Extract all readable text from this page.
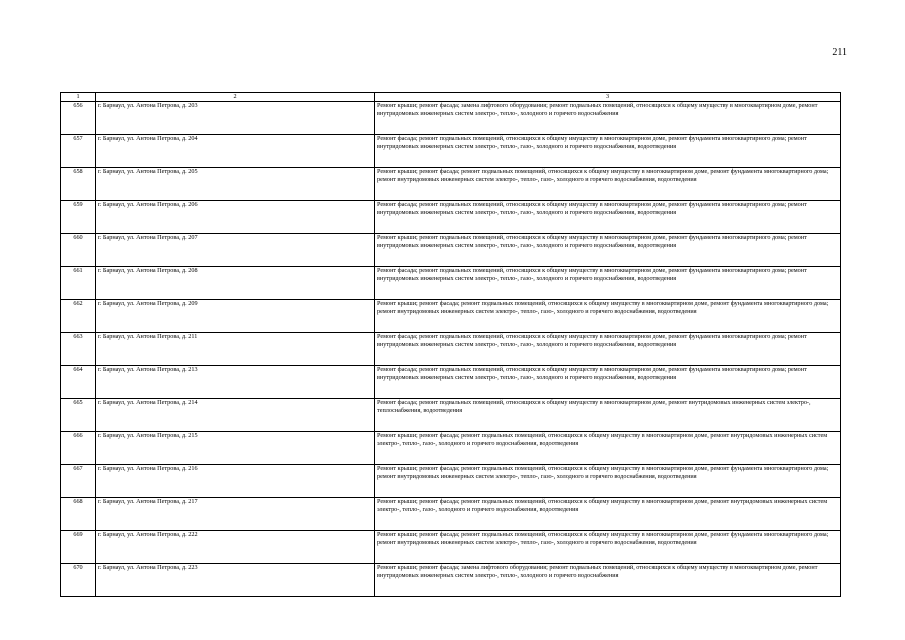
211
1	2	3
656	г. Барнаул, ул. Антона Петрова, д. 203	Ремонт крыши; ремонт фасада; замена лифтового оборудования; ремонт подвальных помещений, относящихся к общему имуществу в многоквартирном доме, ремонт внутридомовых инженерных систем электро-, тепло-, холодного и горячего водоснабжения
657	г. Барнаул, ул. Антона Петрова, д. 204	Ремонт фасада; ремонт подвальных помещений, относящихся к общему имуществу в многоквартирном доме, ремонт фундамента многоквартирного дома; ремонт внутридомовых инженерных систем электро-, тепло-, газо-, холодного и горячего водоснабжения, водоотведения
658	г. Барнаул, ул. Антона Петрова, д. 205	Ремонт крыши; ремонт фасада; ремонт подвальных помещений, относящихся к общему имуществу в многоквартирном доме, ремонт фундамента многоквартирного дома; ремонт внутридомовых инженерных систем электро-, тепло-, газо-, холодного и горячего водоснабжения, водоотведения
659	г. Барнаул, ул. Антона Петрова, д. 206	Ремонт фасада; ремонт подвальных помещений, относящихся к общему имуществу в многоквартирном доме, ремонт фундамента многоквартирного дома; ремонт внутридомовых инженерных систем электро-, тепло-, газо-, холодного и горячего водоснабжения, водоотведения
660	г. Барнаул, ул. Антона Петрова, д. 207	Ремонт крыши; ремонт подвальных помещений, относящихся к общему имуществу в многоквартирном доме, ремонт фундамента многоквартирного дома; ремонт внутридомовых инженерных систем электро-, тепло-, газо-, холодного и горячего водоснабжения, водоотведения
661	г. Барнаул, ул. Антона Петрова, д. 208	Ремонт фасада; ремонт подвальных помещений, относящихся к общему имуществу в многоквартирном доме, ремонт фундамента многоквартирного дома; ремонт внутридомовых инженерных систем электро-, тепло-, газо-, холодного и горячего водоснабжения, водоотведения
662	г. Барнаул, ул. Антона Петрова, д. 209	Ремонт крыши; ремонт фасада; ремонт подвальных помещений, относящихся к общему имуществу в многоквартирном доме, ремонт фундамента многоквартирного дома; ремонт внутридомовых инженерных систем электро-, тепло-, газо-, холодного и горячего водоснабжения, водоотведения
663	г. Барнаул, ул. Антона Петрова, д. 211	Ремонт фасада; ремонт подвальных помещений, относящихся к общему имуществу в многоквартирном доме, ремонт фундамента многоквартирного дома; ремонт внутридомовых инженерных систем электро-, тепло-, газо-, холодного и горячего водоснабжения, водоотведения
664	г. Барнаул, ул. Антона Петрова, д. 213	Ремонт фасада; ремонт подвальных помещений, относящихся к общему имуществу в многоквартирном доме, ремонт фундамента многоквартирного дома; ремонт внутридомовых инженерных систем электро-, тепло-, газо-, холодного и горячего водоснабжения, водоотведения
665	г. Барнаул, ул. Антона Петрова, д. 214	Ремонт фасада; ремонт подвальных помещений, относящихся к общему имуществу в многоквартирном доме, ремонт внутридомовых инженерных систем электро-, теплоснабжения, водоотведения
666	г. Барнаул, ул. Антона Петрова, д. 215	Ремонт крыши; ремонт фасада; ремонт подвальных помещений, относящихся к общему имуществу в многоквартирном доме, ремонт внутридомовых инженерных систем электро-, тепло-, газо-, холодного и горячего водоснабжения, водоотведения
667	г. Барнаул, ул. Антона Петрова, д. 216	Ремонт крыши; ремонт фасада; ремонт подвальных помещений, относящихся к общему имуществу в многоквартирном доме, ремонт фундамента многоквартирного дома; ремонт внутридомовых инженерных систем электро-, тепло-, газо-, холодного и горячего водоснабжения, водоотведения
668	г. Барнаул, ул. Антона Петрова, д. 217	Ремонт крыши; ремонт фасада; ремонт подвальных помещений, относящихся к общему имуществу в многоквартирном доме, ремонт внутридомовых инженерных систем электро-, тепло-, газо-, холодного и горячего водоснабжения, водоотведения
669	г. Барнаул, ул. Антона Петрова, д. 222	Ремонт крыши; ремонт фасада; ремонт подвальных помещений, относящихся к общему имуществу в многоквартирном доме, ремонт фундамента многоквартирного дома; ремонт внутридомовых инженерных систем электро-, тепло-, газо-, холодного и горячего водоснабжения, водоотведения
670	г. Барнаул, ул. Антона Петрова, д. 223	Ремонт крыши; ремонт фасада; замена лифтового оборудования; ремонт подвальных помещений, относящихся к общему имуществу в многоквартирном доме, ремонт внутридомовых инженерных систем электро-, тепло-, холодного и горячего водоснабжения
